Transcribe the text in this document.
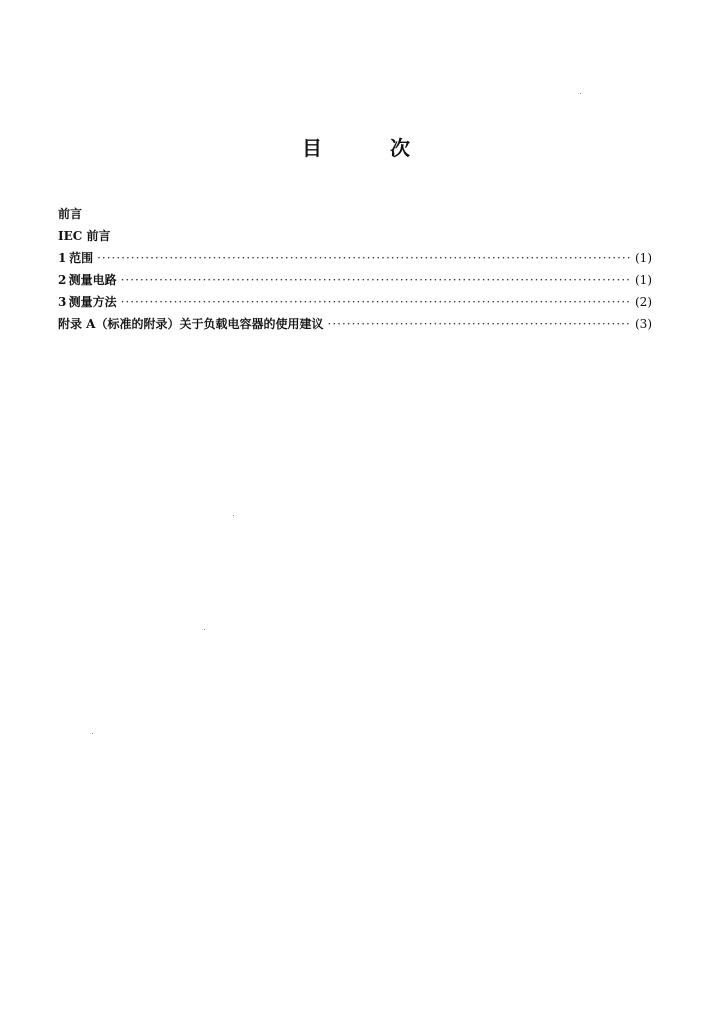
目次
前言
IEC 前言
1 范围 ·····	(1)
2 测量电路 ·····	(1)
3 测量方法 ·····	(2)
附录 A（标准的附录）关于负载电容器的使用建议 ·····	(3)
